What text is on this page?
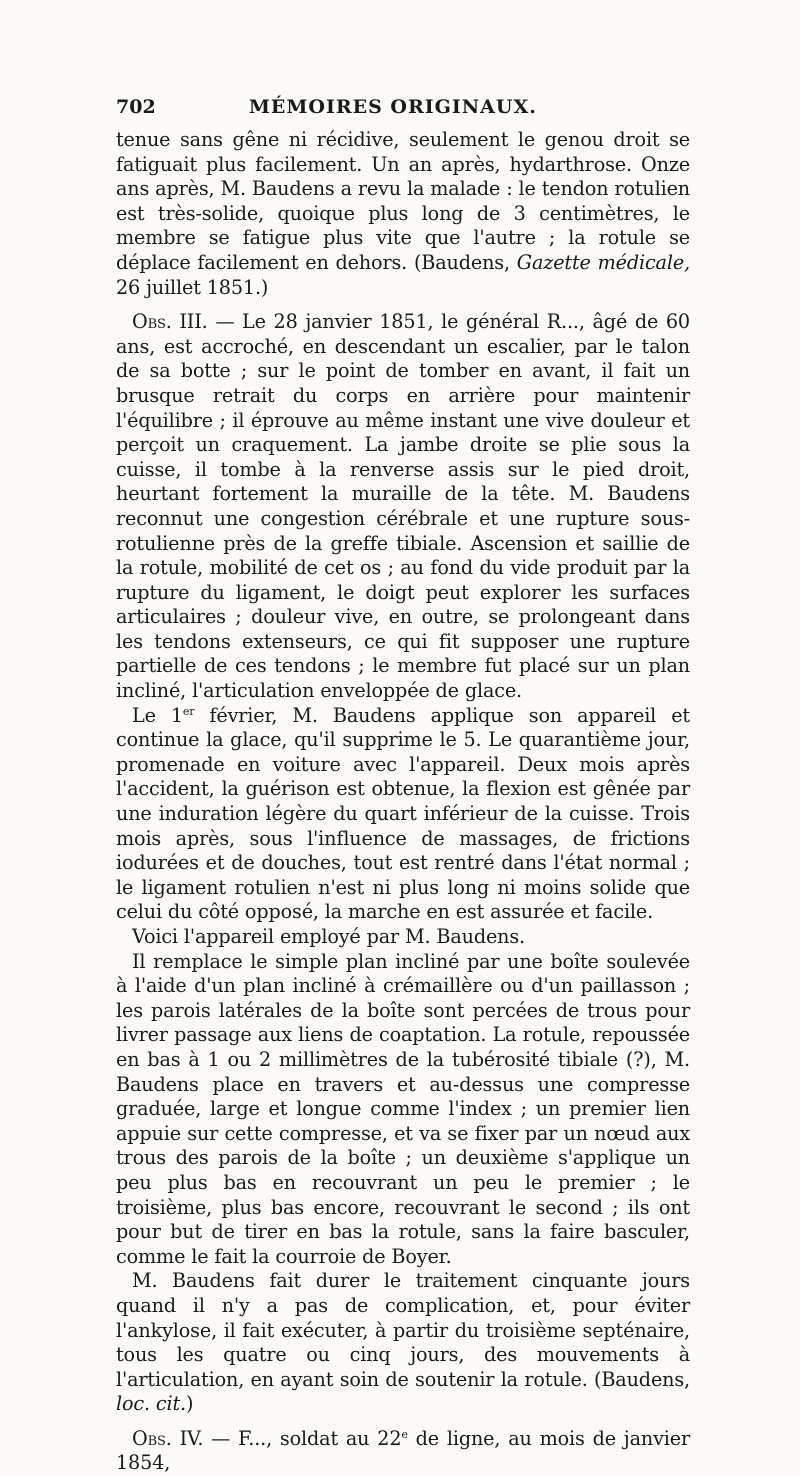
702	MÉMOIRES ORIGINAUX.

tenue sans gêne ni récidive, seulement le genou droit se fatiguait plus facilement. Un an après, hydarthrose. Onze ans après, M. Baudens a revu la malade : le tendon rotulien est très-solide, quoique plus long de 3 centimètres, le membre se fatigue plus vite que l'autre ; la rotule se déplace facilement en dehors. (Baudens, Gazette médicale, 26 juillet 1851.)

Obs. III. — Le 28 janvier 1851, le général R..., âgé de 60 ans, est accroché, en descendant un escalier, par le talon de sa botte ; sur le point de tomber en avant, il fait un brusque retrait du corps en arrière pour maintenir l'équilibre ; il éprouve au même instant une vive douleur et perçoit un craquement. La jambe droite se plie sous la cuisse, il tombe à la renverse assis sur le pied droit, heurtant fortement la muraille de la tête. M. Baudens reconnut une congestion cérébrale et une rupture sous-rotulienne près de la greffe tibiale. Ascension et saillie de la rotule, mobilité de cet os ; au fond du vide produit par la rupture du ligament, le doigt peut explorer les surfaces articulaires ; douleur vive, en outre, se prolongeant dans les tendons extenseurs, ce qui fit supposer une rupture partielle de ces tendons ; le membre fut placé sur un plan incliné, l'articulation enveloppée de glace.

Le 1er février, M. Baudens applique son appareil et continue la glace, qu'il supprime le 5. Le quarantième jour, promenade en voiture avec l'appareil. Deux mois après l'accident, la guérison est obtenue, la flexion est gênée par une induration légère du quart inférieur de la cuisse. Trois mois après, sous l'influence de massages, de frictions iodurées et de douches, tout est rentré dans l'état normal ; le ligament rotulien n'est ni plus long ni moins solide que celui du côté opposé, la marche en est assurée et facile.

Voici l'appareil employé par M. Baudens.

Il remplace le simple plan incliné par une boîte soulevée à l'aide d'un plan incliné à crémaillère ou d'un paillasson ; les parois latérales de la boîte sont percées de trous pour livrer passage aux liens de coaptation. La rotule, repoussée en bas à 1 ou 2 millimètres de la tubérosité tibiale (?), M. Baudens place en travers et au-dessus une compresse graduée, large et longue comme l'index ; un premier lien appuie sur cette compresse, et va se fixer par un nœud aux trous des parois de la boîte ; un deuxième s'applique un peu plus bas en recouvrant un peu le premier ; le troisième, plus bas encore, recouvrant le second ; ils ont pour but de tirer en bas la rotule, sans la faire basculer, comme le fait la courroie de Boyer.

M. Baudens fait durer le traitement cinquante jours quand il n'y a pas de complication, et, pour éviter l'ankylose, il fait exécuter, à partir du troisième septénaire, tous les quatre ou cinq jours, des mouvements à l'articulation, en ayant soin de soutenir la rotule. (Baudens, loc. cit.)

Obs. IV. — F..., soldat au 22e de ligne, au mois de janvier 1854,
